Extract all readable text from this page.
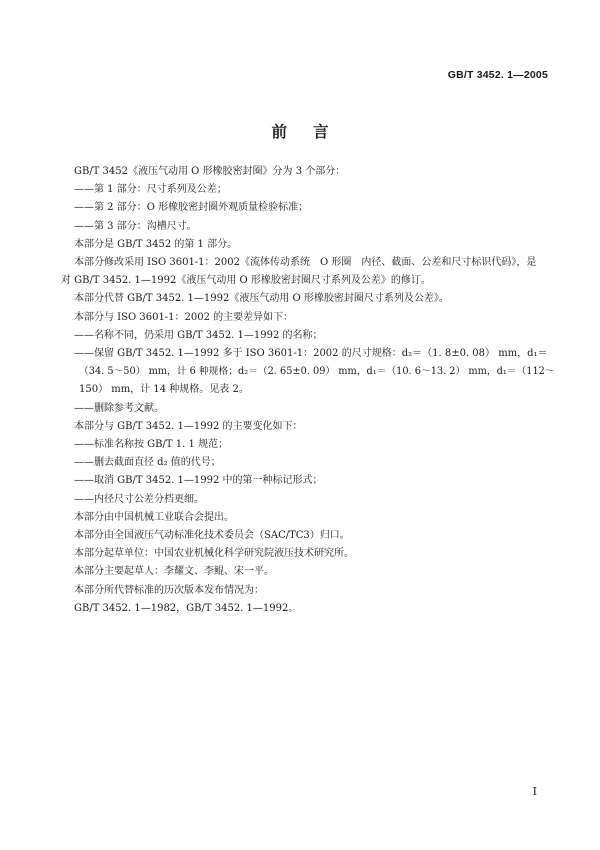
GB/T 3452. 1—2005
前言
GB/T 3452《液压气动用 O 形橡胶密封圈》分为 3 个部分：
——第 1 部分：尺寸系列及公差；
——第 2 部分：O 形橡胶密封圈外观质量检验标准；
——第 3 部分：沟槽尺寸。
本部分是 GB/T 3452 的第 1 部分。
本部分修改采用 ISO 3601-1：2002《流体传动系统　O 形圈　内径、截面、公差和尺寸标识代码》，是
对 GB/T 3452. 1—1992《液压气动用 O 形橡胶密封圈尺寸系列及公差》的修订。
本部分代替 GB/T 3452. 1—1992《液压气动用 O 形橡胶密封圈尺寸系列及公差》。
本部分与 ISO 3601-1：2002 的主要差异如下：
——名称不同，仍采用 GB/T 3452. 1—1992 的名称；
——保留 GB/T 3452. 1—1992 多于 ISO 3601-1：2002 的尺寸规格：d₂＝（1. 8±0. 08） mm，d₁＝
（34. 5～50） mm，计 6 种规格；d₂＝（2. 65±0. 09） mm，d₁＝（10. 6～13. 2） mm，d₁＝（112～
150） mm，计 14 种规格。见表 2。
——删除参考文献。
本部分与 GB/T 3452. 1—1992 的主要变化如下：
——标准名称按 GB/T 1. 1 规范；
——删去截面直径 d₂ 值的代号；
——取消 GB/T 3452. 1—1992 中的第一种标记形式；
——内径尺寸公差分档更细。
本部分由中国机械工业联合会提出。
本部分由全国液压气动标准化技术委员会（SAC/TC3）归口。
本部分起草单位：中国农业机械化科学研究院液压技术研究所。
本部分主要起草人：李耀文、李鲲、宋一平。
本部分所代替标准的历次版本发布情况为：
GB/T 3452. 1—1982，GB/T 3452. 1—1992。
I
